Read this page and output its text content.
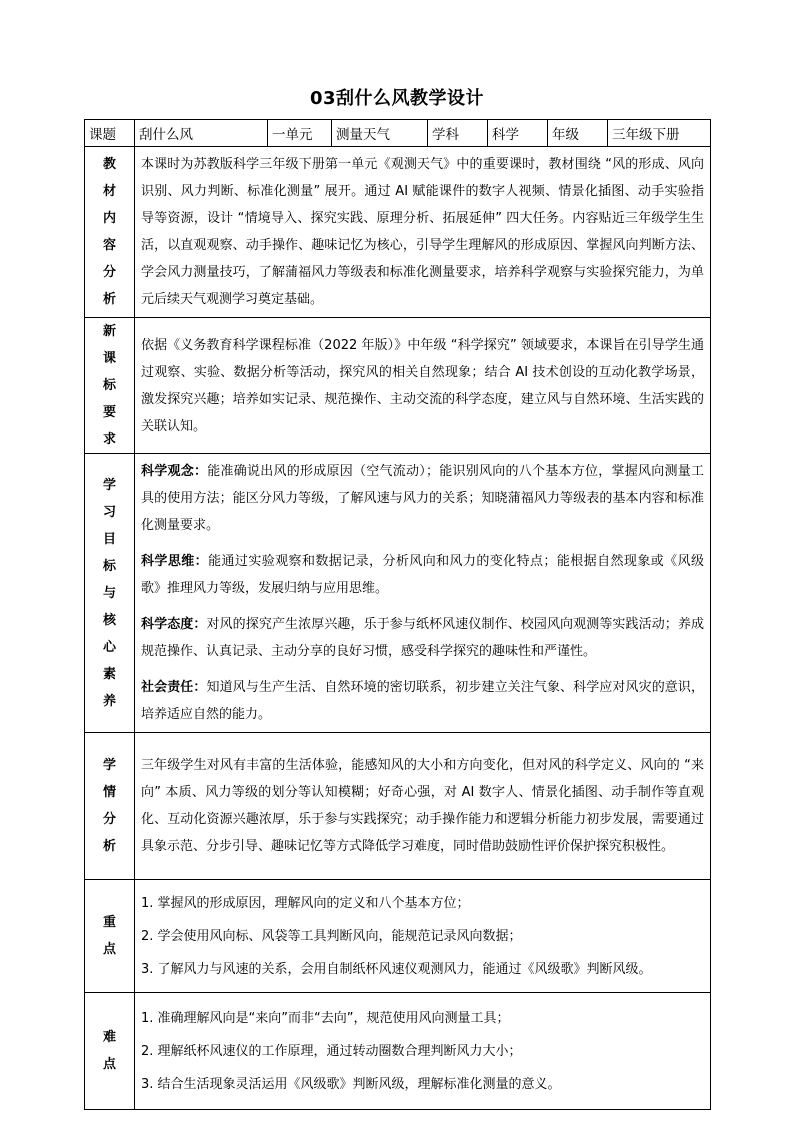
03刮什么风教学设计
课题	刮什么风	一单元	测量天气	学科	科学	年级	三年级下册
教材内容分析	本课时为苏教版科学三年级下册第一单元《观测天气》中的重要课时，教材围绕 “风的形成、风向识别、风力判断、标准化测量” 展开。通过 AI 赋能课件的数字人视频、情景化插图、动手实验指导等资源，设计 “情境导入、探究实践、原理分析、拓展延伸” 四大任务。内容贴近三年级学生生活，以直观观察、动手操作、趣味记忆为核心，引导学生理解风的形成原因、掌握风向判断方法、学会风力测量技巧，了解蒲福风力等级表和标准化测量要求，培养科学观察与实验探究能力，为单元后续天气观测学习奠定基础。						
新课标要求	依据《义务教育科学课程标准（2022 年版）》中年级 “科学探究” 领域要求，本课旨在引导学生通过观察、实验、数据分析等活动，探究风的相关自然现象；结合 AI 技术创设的互动化教学场景，激发探究兴趣；培养如实记录、规范操作、主动交流的科学态度，建立风与自然环境、生活实践的关联认知。						
学习目标与核心素养	科学观念：能准确说出风的形成原因（空气流动）；能识别风向的八个基本方位，掌握风向测量工具的使用方法；能区分风力等级，了解风速与风力的关系；知晓蒲福风力等级表的基本内容和标准化测量要求。

科学思维：能通过实验观察和数据记录，分析风向和风力的变化特点；能根据自然现象或《风级歌》推理风力等级，发展归纳与应用思维。

科学态度：对风的探究产生浓厚兴趣，乐于参与纸杯风速仪制作、校园风向观测等实践活动；养成规范操作、认真记录、主动分享的良好习惯，感受科学探究的趣味性和严谨性。

社会责任：知道风与生产生活、自然环境的密切联系，初步建立关注气象、科学应对风灾的意识，培养适应自然的能力。						

学情分析	三年级学生对风有丰富的生活体验，能感知风的大小和方向变化，但对风的科学定义、风向的 “来向” 本质、风力等级的划分等认知模糊；好奇心强，对 AI 数字人、情景化插图、动手制作等直观化、互动化资源兴趣浓厚，乐于参与实践探究；动手操作能力和逻辑分析能力初步发展，需要通过具象示范、分步引导、趣味记忆等方式降低学习难度，同时借助鼓励性评价保护探究积极性。						
重点	1. 掌握风的形成原因，理解风向的定义和八个基本方位；

2. 学会使用风向标、风袋等工具判断风向，能规范记录风向数据；

3. 了解风力与风速的关系，会用自制纸杯风速仪观测风力，能通过《风级歌》判断风级。						

难点	1. 准确理解风向是“来向”而非“去向”，规范使用风向测量工具；

2. 理解纸杯风速仪的工作原理，通过转动圈数合理判断风力大小；

3. 结合生活现象灵活运用《风级歌》判断风级，理解标准化测量的意义。						
